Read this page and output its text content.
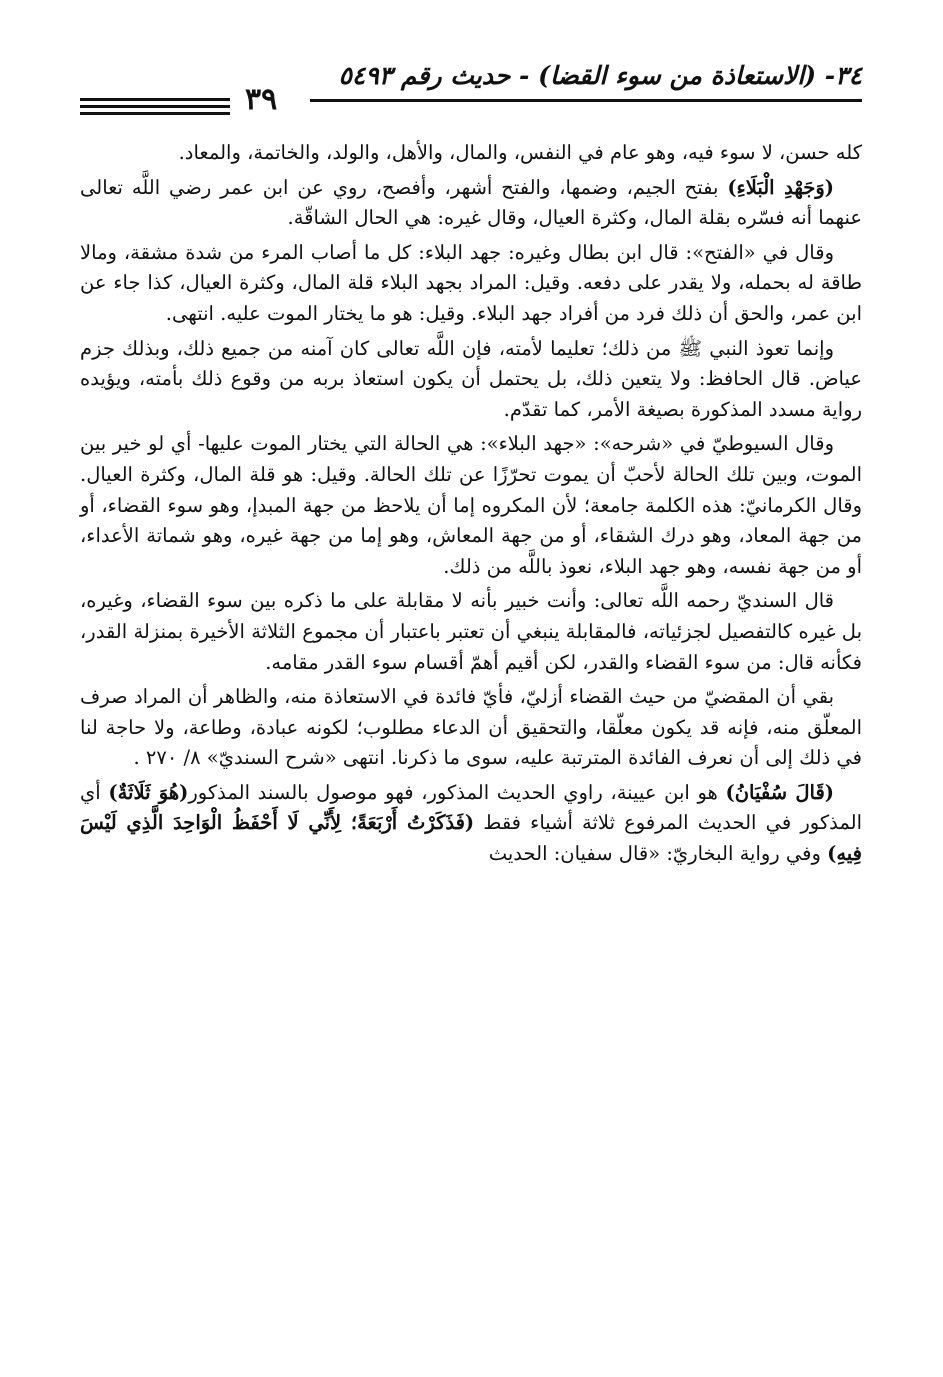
٣٤- (الاستعاذة من سوء القضا) - حديث رقم ٥٤٩٣
٣٩

كله حسن، لا سوء فيه، وهو عام في النفس، والمال، والأهل، والولد، والخاتمة، والمعاد.

(وَجَهْدِ الْبَلَاءِ) بفتح الجيم، وضمها، والفتح أشهر، وأفصح، روي عن ابن عمر رضي اللَّه تعالى عنهما أنه فسّره بقلة المال، وكثرة العيال، وقال غيره: هي الحال الشاقّة.

وقال في «الفتح»: قال ابن بطال وغيره: جهد البلاء: كل ما أصاب المرء من شدة مشقة، ومالا طاقة له بحمله، ولا يقدر على دفعه. وقيل: المراد بجهد البلاء قلة المال، وكثرة العيال، كذا جاء عن ابن عمر، والحق أن ذلك فرد من أفراد جهد البلاء. وقيل: هو ما يختار الموت عليه. انتهى.

وإنما تعوذ النبي ﷺ من ذلك؛ تعليما لأمته، فإن اللَّه تعالى كان آمنه من جميع ذلك، وبذلك جزم عياض. قال الحافظ: ولا يتعين ذلك، بل يحتمل أن يكون استعاذ بربه من وقوع ذلك بأمته، ويؤيده رواية مسدد المذكورة بصيغة الأمر، كما تقدّم.

وقال السيوطيّ في «شرحه»: «جهد البلاء»: هي الحالة التي يختار الموت عليها- أي لو خير بين الموت، وبين تلك الحالة لأحبّ أن يموت تحرّزًا عن تلك الحالة. وقيل: هو قلة المال، وكثرة العيال. وقال الكرمانيّ: هذه الكلمة جامعة؛ لأن المكروه إما أن يلاحظ من جهة المبدإ، وهو سوء القضاء، أو من جهة المعاد، وهو درك الشقاء، أو من جهة المعاش، وهو إما من جهة غيره، وهو شماتة الأعداء، أو من جهة نفسه، وهو جهد البلاء، نعوذ باللَّه من ذلك.

قال السنديّ رحمه اللَّه تعالى: وأنت خبير بأنه لا مقابلة على ما ذكره بين سوء القضاء، وغيره، بل غيره كالتفصيل لجزئياته، فالمقابلة ينبغي أن تعتبر باعتبار أن مجموع الثلاثة الأخيرة بمنزلة القدر، فكأنه قال: من سوء القضاء والقدر، لكن أقيم أهمّ أقسام سوء القدر مقامه.

بقي أن المقضيّ من حيث القضاء أزليّ، فأيّ فائدة في الاستعاذة منه، والظاهر أن المراد صرف المعلّق منه، فإنه قد يكون معلّقا، والتحقيق أن الدعاء مطلوب؛ لكونه عبادة، وطاعة، ولا حاجة لنا في ذلك إلى أن نعرف الفائدة المترتبة عليه، سوى ما ذكرنا. انتهى «شرح السنديّ» ٨/ ٢٧٠ .

(قَالَ سُفْيَانُ) هو ابن عيينة، راوي الحديث المذكور، فهو موصول بالسند المذكور(هُوَ ثَلَاثَةٌ) أي المذكور في الحديث المرفوع ثلاثة أشياء فقط (فَذَكَرْتُ أَرْبَعَةً؛ لِأَنِّي لَا أَحْفَظُ الْوَاحِدَ الَّذِي لَيْسَ فِيهِ) وفي رواية البخاريّ: «قال سفيان: الحديث
